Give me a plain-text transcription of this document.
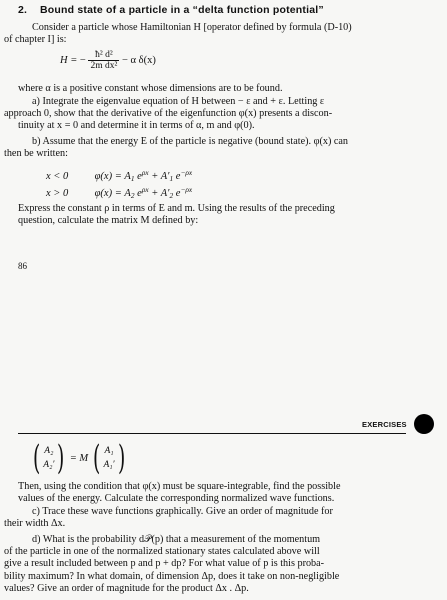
2. Bound state of a particle in a “delta function potential”
Consider a particle whose Hamiltonian H [operator defined by formula (D-10)
of chapter I] is:
H = − $\frac{\text{ħ² d²}}{\text{2m dx²}} - \alpha$ δ(x)
where α is a positive constant whose dimensions are to be found.
a) Integrate the eigenvalue equation of H between − ε and + ε. Letting ε
approach 0, show that the derivative of the eigenfunction φ(x) presents a discon-
tinuity at x = 0 and determine it in terms of α, m and φ(0).
b) Assume that the energy E of the particle is negative (bound state). φ(x) can
then be written:
x < 0	$\varphi(x) = A_1$ $e^{\rho x} + A'_1$ $e^{-\rho x}$
x > 0	$\varphi(x) = A_2$ $e^{\rho x} + A'_2$ $e^{-\rho x}$
Express the constant ρ in terms of E and m. Using the results of the preceding
question, calculate the matrix M defined by:
86
EXERCISES
( A₂
A₂′ ) = M ( A₁
A₁′ )
Then, using the condition that φ(x) must be square-integrable, find the possible
values of the energy. Calculate the corresponding normalized wave functions.
c) Trace these wave functions graphically. Give an order of magnitude for
their width Δx.
d) What is the probability d𝒫(p) that a measurement of the momentum
of the particle in one of the normalized stationary states calculated above will
give a result included between p and p + dp? For what value of p is this proba-
bility maximum? In what domain, of dimension Δp, does it take on non-negligible
values? Give an order of magnitude for the product Δx . Δp.
